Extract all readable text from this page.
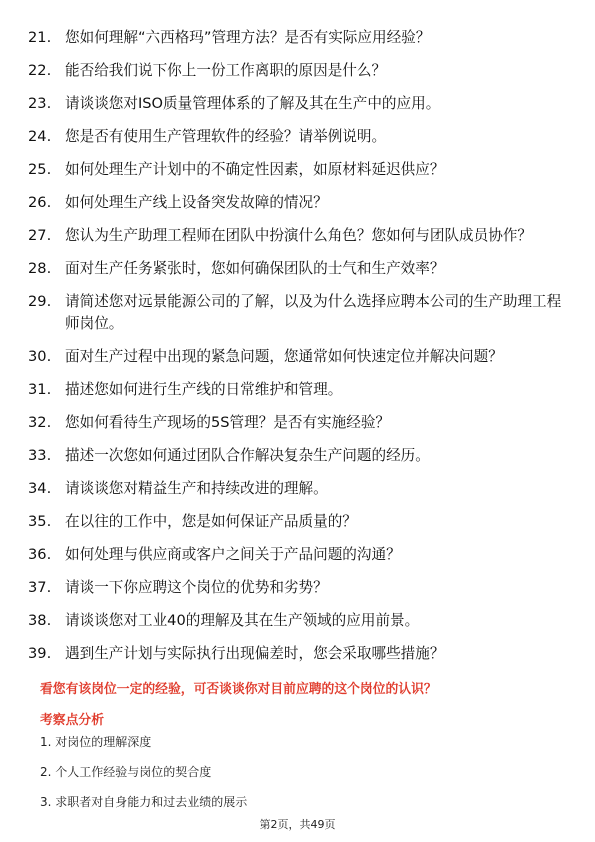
21. 您如何理解“六西格玛”管理方法？是否有实际应用经验？
22. 能否给我们说下你上一份工作离职的原因是什么？
23. 请谈谈您对ISO质量管理体系的了解及其在生产中的应用。
24. 您是否有使用生产管理软件的经验？请举例说明。
25. 如何处理生产计划中的不确定性因素，如原材料延迟供应？
26. 如何处理生产线上设备突发故障的情况？
27. 您认为生产助理工程师在团队中扮演什么角色？您如何与团队成员协作？
28. 面对生产任务紧张时，您如何确保团队的士气和生产效率？
29. 请简述您对远景能源公司的了解，以及为什么选择应聘本公司的生产助理工程师岗位。
30. 面对生产过程中出现的紧急问题，您通常如何快速定位并解决问题？
31. 描述您如何进行生产线的日常维护和管理。
32. 您如何看待生产现场的5S管理？是否有实施经验？
33. 描述一次您如何通过团队合作解决复杂生产问题的经历。
34. 请谈谈您对精益生产和持续改进的理解。
35. 在以往的工作中，您是如何保证产品质量的？
36. 如何处理与供应商或客户之间关于产品问题的沟通？
37. 请谈一下你应聘这个岗位的优势和劣势？
38. 请谈谈您对工业40的理解及其在生产领域的应用前景。
39. 遇到生产计划与实际执行出现偏差时，您会采取哪些措施？
看您有该岗位一定的经验，可否谈谈你对目前应聘的这个岗位的认识？
考察点分析
1. 对岗位的理解深度
2. 个人工作经验与岗位的契合度
3. 求职者对自身能力和过去业绩的展示
第2页，共49页
